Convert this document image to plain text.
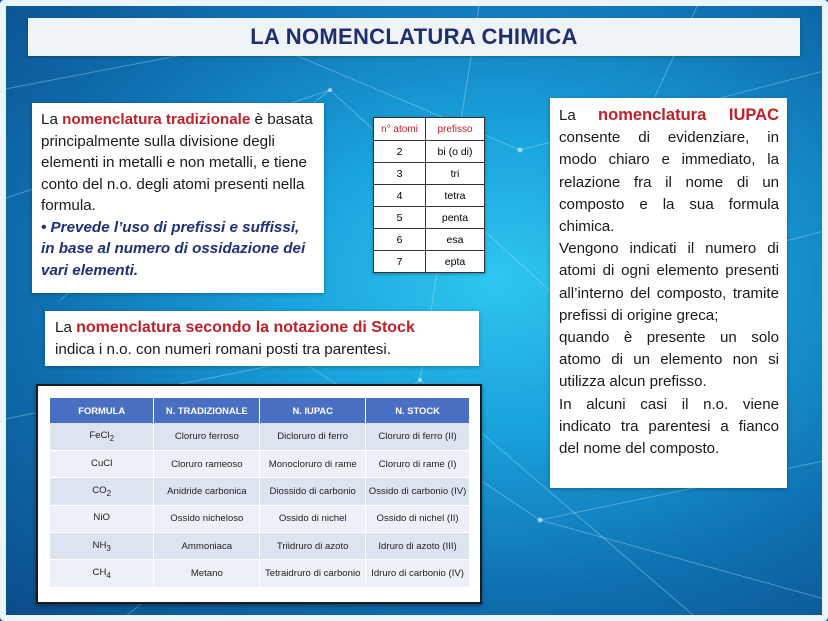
LA NOMENCLATURA CHIMICA
La nomenclatura tradizionale è basata principalmente sulla divisione degli elementi in metalli e non metalli, e tiene conto del n.o. degli atomi presenti nella formula.
• Prevede l’uso di prefissi e suffissi, in base al numero di ossidazione dei vari elementi.
n° atomi	prefisso
2	bi (o di)
3	tri
4	tetra
5	penta
6	esa
7	epta

La nomenclatura IUPAC consente di evidenziare, in modo chiaro e immediato, la relazione fra il nome di un composto e la sua formula chimica.

Vengono indicati il numero di atomi di ogni elemento presenti all’interno del composto, tramite prefissi di origine greca;

quando è presente un solo atomo di un elemento non si utilizza alcun prefisso.

In alcuni casi il n.o. viene indicato tra parentesi a fianco del nome del composto.

La nomenclatura secondo la notazione di Stock
indica i n.o. con numeri romani posti tra parentesi.
FORMULA	N. TRADIZIONALE	N. IUPAC	N. STOCK
FeCl$_2$	Cloruro ferroso	Dicloruro di ferro	Cloruro di ferro (II)
CuCl	Cloruro rameoso	Monocloruro di rame	Cloruro di rame (I)
$CO_2$	Anidride carbonica	Diossido di carbonio	Ossido di carbonio (IV)
NiO	Ossido nicheloso	Ossido di nichel	Ossido di nichel (II)
$NH_3$	Ammoniaca	Triidruro di azoto	Idruro di azoto (III)
$CH_4$	Metano	Tetraidruro di carbonio	Idruro di carbonio (IV)
